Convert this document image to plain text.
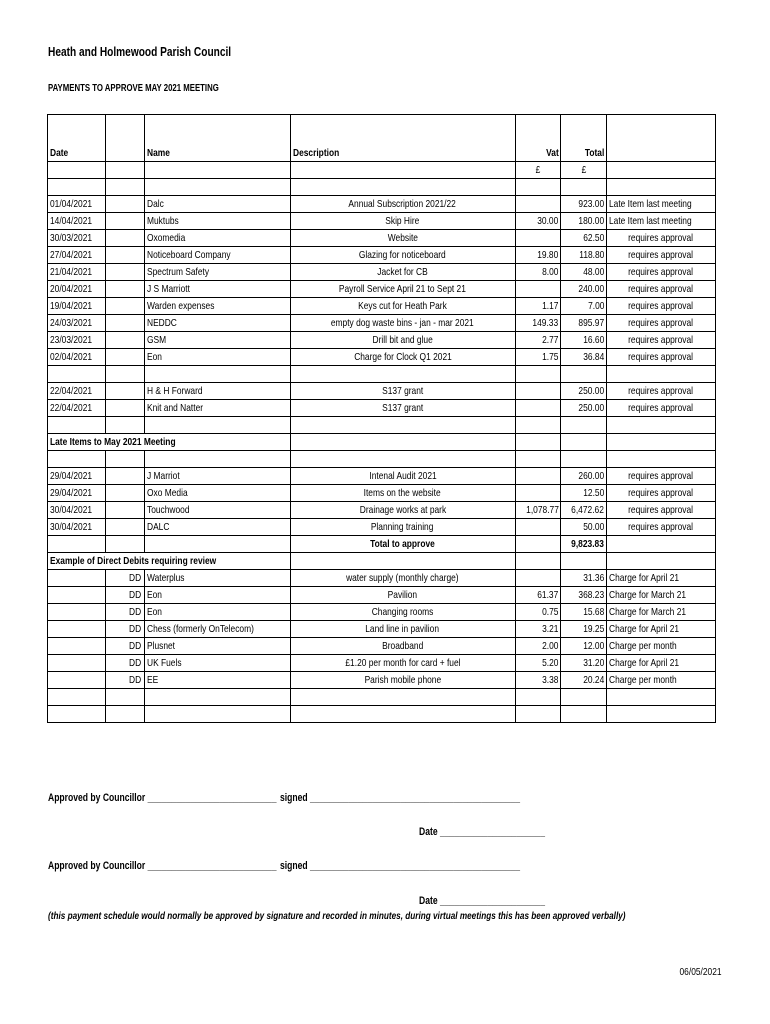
Heath and Holmewood Parish Council
PAYMENTS TO APPROVE MAY 2021 MEETING
Date		Name	Description	Vat	Total	
				£	£	

01/04/2021		Dalc	Annual Subscription 2021/22		923.00	Late Item last meeting
14/04/2021		Muktubs	Skip Hire	30.00	180.00	Late Item last meeting
30/03/2021		Oxomedia	Website		62.50	requires approval
27/04/2021		Noticeboard Company	Glazing for noticeboard	19.80	118.80	requires approval
21/04/2021		Spectrum Safety	Jacket for CB	8.00	48.00	requires approval
20/04/2021		J S Marriott	Payroll Service April 21 to Sept 21		240.00	requires approval
19/04/2021		Warden expenses	Keys cut for Heath Park	1.17	7.00	requires approval
24/03/2021		NEDDC	empty dog waste bins - jan - mar 2021	149.33	895.97	requires approval
23/03/2021		GSM	Drill bit and glue	2.77	16.60	requires approval
02/04/2021		Eon	Charge for Clock Q1 2021	1.75	36.84	requires approval

22/04/2021		H & H Forward	S137 grant		250.00	requires approval
22/04/2021		Knit and Natter	S137 grant		250.00	requires approval

Late Items to May 2021 Meeting						

29/04/2021		J Marriot	Intenal Audit 2021		260.00	requires approval
29/04/2021		Oxo Media	Items on the website		12.50	requires approval
30/04/2021		Touchwood	Drainage works at park	1,078.77	6,472.62	requires approval
30/04/2021		DALC	Planning training		50.00	requires approval
			Total to approve		9,823.83	
Example of Direct Debits requiring review						
	DD	Waterplus	water supply (monthly charge)		31.36	Charge for April 21
	DD	Eon	Pavilion	61.37	368.23	Charge for March 21
	DD	Eon	Changing rooms	0.75	15.68	Charge for March 21
	DD	Chess (formerly OnTelecom)	Land line in pavilion	3.21	19.25	Charge for April 21
	DD	Plusnet	Broadband	2.00	12.00	Charge per month
	DD	UK Fuels	£1.20 per month for card + fuel	5.20	31.20	Charge for April 21
	DD	EE	Parish mobile phone	3.38	20.24	Charge per month

Approved by Councillor ___________________________ signed ____________________________________________
Date ______________________
Approved by Councillor ___________________________ signed ____________________________________________
Date ______________________
(this payment schedule would normally be approved by signature and recorded in minutes, during virtual meetings this has been approved verbally)
06/05/2021
